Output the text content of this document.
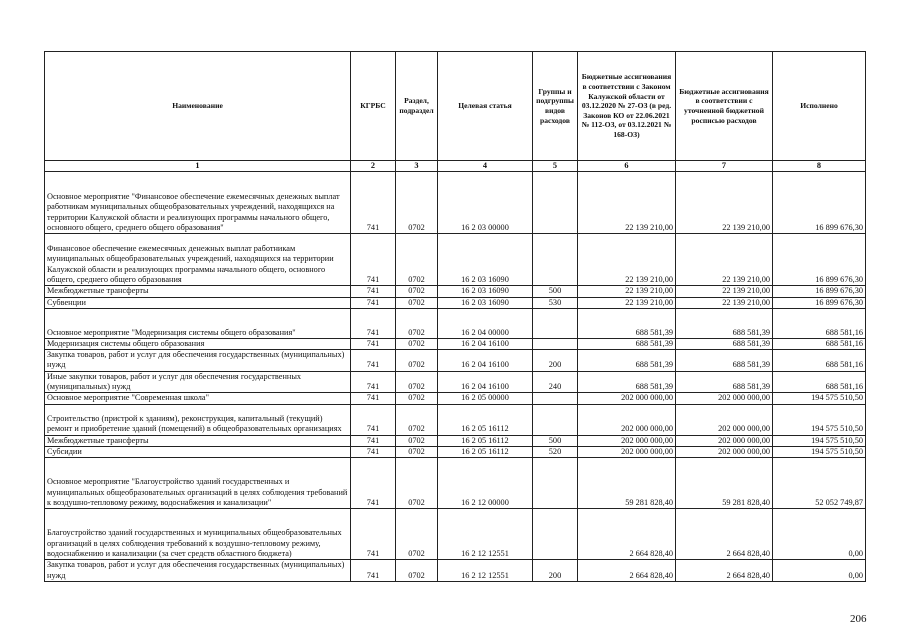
Наименование	КГРБС	Раздел, подраздел	Целевая статья	Группы и подгруппы видов расходов	Бюджетные ассигнования в соответствии с Законом Калужской области от 03.12.2020 № 27-ОЗ (в ред. Законов КО от 22.06.2021 № 112-ОЗ, от 03.12.2021 № 168-ОЗ)	Бюджетные ассигнования в соответствии с уточненной бюджетной росписью расходов	Исполнено
1	2	3	4	5	6	7	8
Основное мероприятие "Финансовое обеспечение ежемесячных денежных выплат работникам муниципальных общеобразовательных учреждений, находящихся на территории Калужской области и реализующих программы начального общего, основного общего, среднего общего образования"	741	0702	16 2 03 00000		22 139 210,00	22 139 210,00	16 899 676,30
Финансовое обеспечение ежемесячных денежных выплат работникам муниципальных общеобразовательных учреждений, находящихся на территории Калужской области и реализующих программы начального общего, основного общего, среднего общего образования	741	0702	16 2 03 16090		22 139 210,00	22 139 210,00	16 899 676,30
Межбюджетные трансферты	741	0702	16 2 03 16090	500	22 139 210,00	22 139 210,00	16 899 676,30
Субвенции	741	0702	16 2 03 16090	530	22 139 210,00	22 139 210,00	16 899 676,30
Основное мероприятие "Модернизация системы общего образования"	741	0702	16 2 04 00000		688 581,39	688 581,39	688 581,16
Модернизация системы общего образования	741	0702	16 2 04 16100		688 581,39	688 581,39	688 581,16
Закупка товаров, работ и услуг для обеспечения государственных (муниципальных) нужд	741	0702	16 2 04 16100	200	688 581,39	688 581,39	688 581,16
Иные закупки товаров, работ и услуг для обеспечения государственных (муниципальных) нужд	741	0702	16 2 04 16100	240	688 581,39	688 581,39	688 581,16
Основное мероприятие "Современная школа"	741	0702	16 2 05 00000		202 000 000,00	202 000 000,00	194 575 510,50
Строительство (пристрой к зданиям), реконструкция, капитальный (текущий) ремонт и приобретение зданий (помещений) в общеобразовательных организациях	741	0702	16 2 05 16112		202 000 000,00	202 000 000,00	194 575 510,50
Межбюджетные трансферты	741	0702	16 2 05 16112	500	202 000 000,00	202 000 000,00	194 575 510,50
Субсидии	741	0702	16 2 05 16112	520	202 000 000,00	202 000 000,00	194 575 510,50
Основное мероприятие "Благоустройство зданий государственных и муниципальных общеобразовательных организаций в целях соблюдения требований к воздушно-тепловому режиму, водоснабжения и канализации"	741	0702	16 2 12 00000		59 281 828,40	59 281 828,40	52 052 749,87
Благоустройство зданий государственных и муниципальных общеобразовательных организаций в целях соблюдения требований к воздушно-тепловому режиму, водоснабжению и канализации (за счет средств областного бюджета)	741	0702	16 2 12 12551		2 664 828,40	2 664 828,40	0,00
Закупка товаров, работ и услуг для обеспечения государственных (муниципальных) нужд	741	0702	16 2 12 12551	200	2 664 828,40	2 664 828,40	0,00
206
